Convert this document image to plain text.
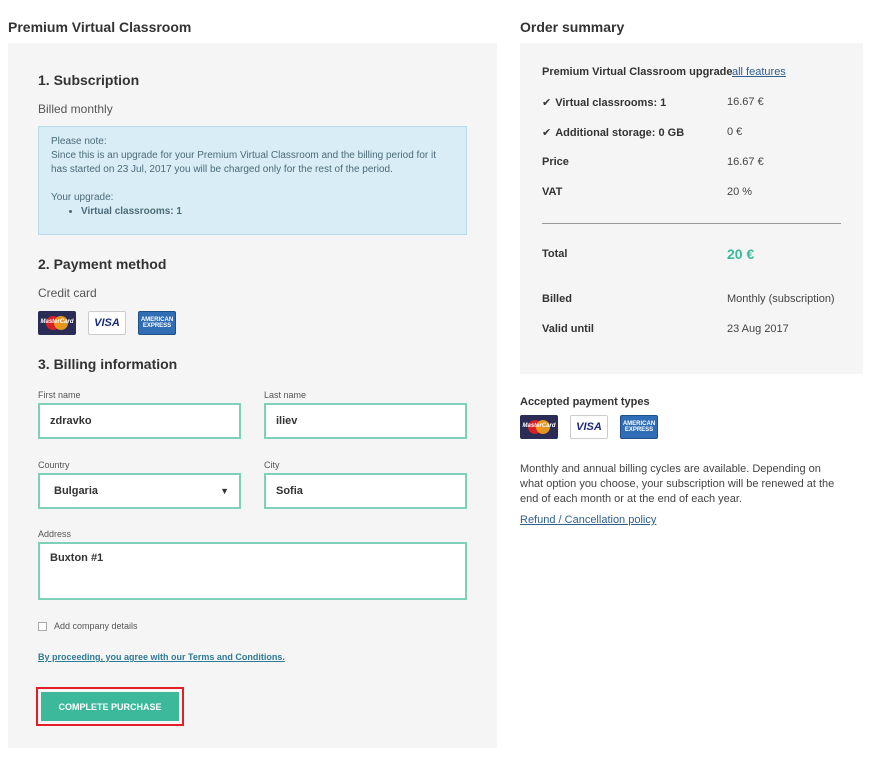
Premium Virtual Classroom	Order summary
1. Subscription
Billed monthly
Please note:
Since this is an upgrade for your Premium Virtual Classroom and the billing period for it has started on 23 Jul, 2017 you will be charged only for the rest of the period.
Your upgrade:
• Virtual classrooms: 1
2. Payment method
Credit card
MasterCard	VISA	AMERICAN EXPRESS
3. Billing information
First name
zdravko
Last name
iliev
Country
Bulgaria	▼
City
Sofia
Address
Buxton #1
Add company details
By proceeding, you agree with our Terms and Conditions.
COMPLETE PURCHASE
Premium Virtual Classroom upgrade all features
✔ Virtual classrooms: 1	16.67 €
✔ Additional storage: 0 GB	0 €
Price	16.67 €
VAT	20 %
Total	20 €
Billed	Monthly (subscription)
Valid until	23 Aug 2017
Accepted payment types
MasterCard	VISA	AMERICAN EXPRESS
Monthly and annual billing cycles are available. Depending on what option you choose, your subscription will be renewed at the end of each month or at the end of each year.
Refund / Cancellation policy
